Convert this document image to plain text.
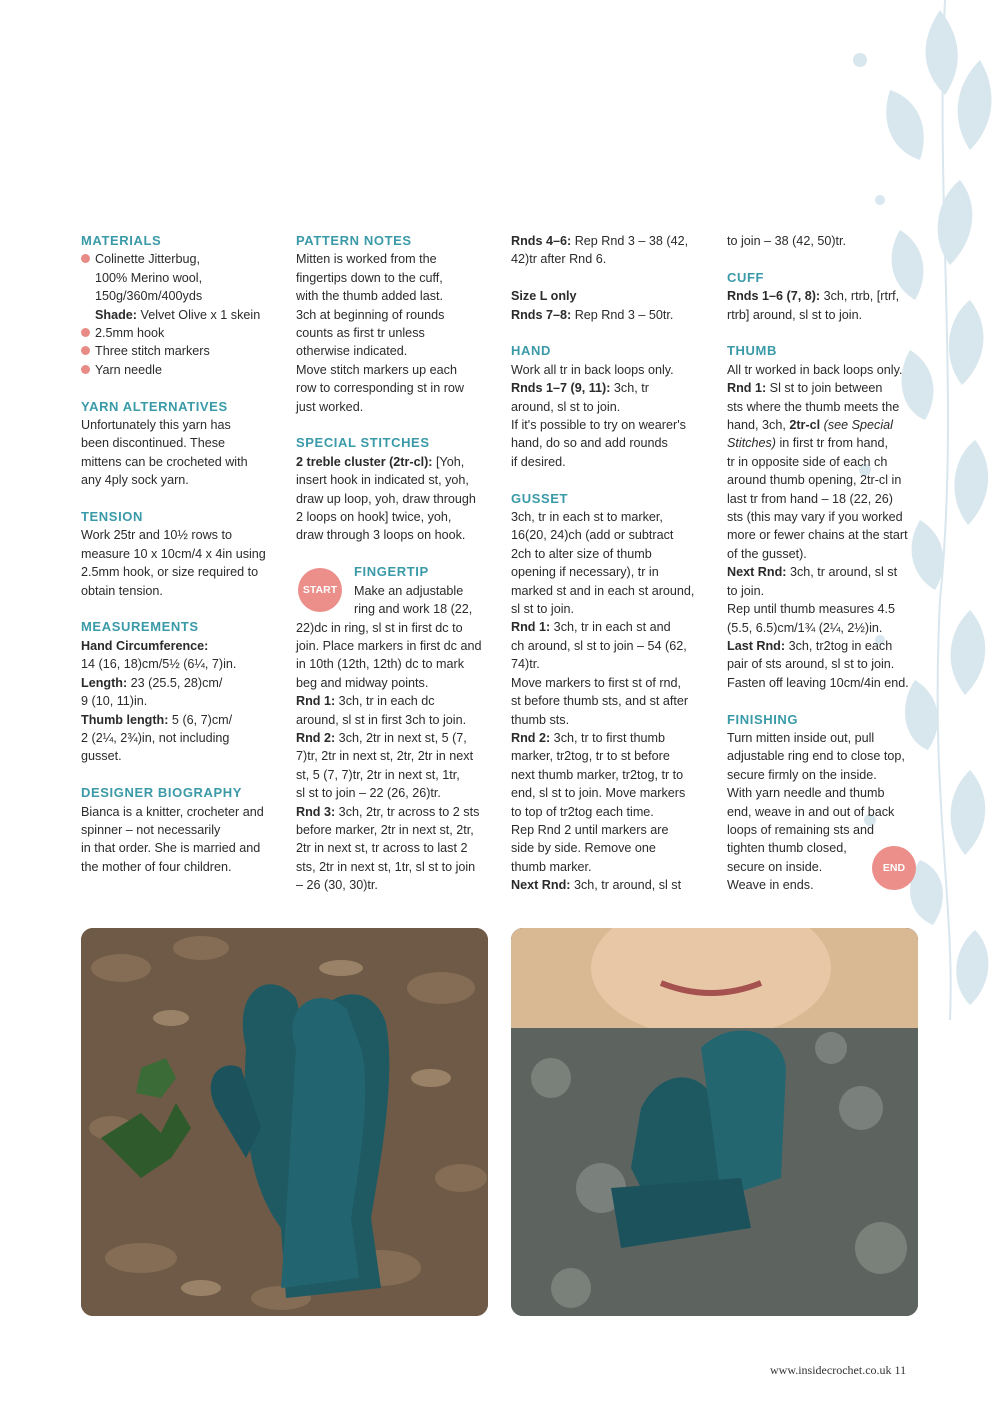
MATERIALS

Colinette Jitterbug,

100% Merino wool,

150g/360m/400yds

Shade: Velvet Olive x 1 skein

2.5mm hook

Three stitch markers

Yarn needle

YARN ALTERNATIVES

Unfortunately this yarn has

been discontinued. These

mittens can be crocheted with

any 4ply sock yarn.

TENSION

Work 25tr and 10½ rows to

measure 10 x 10cm/4 x 4in using

2.5mm hook, or size required to

obtain tension.

MEASUREMENTS

Hand Circumference:

14 (16, 18)cm/5½ (6¼, 7)in.

Length: 23 (25.5, 28)cm/

9 (10, 11)in.

Thumb length: 5 (6, 7)cm/

2 (2¼, 2¾)in, not including

gusset.

DESIGNER BIOGRAPHY

Bianca is a knitter, crocheter and

spinner – not necessarily

in that order. She is married and

the mother of four children.

PATTERN NOTES

Mitten is worked from the

fingertips down to the cuff,

with the thumb added last.

3ch at beginning of rounds

counts as first tr unless

otherwise indicated.

Move stitch markers up each

row to corresponding st in row

just worked.

SPECIAL STITCHES

2 treble cluster (2tr-cl): [Yoh,

insert hook in indicated st, yoh,

draw up loop, yoh, draw through

2 loops on hook] twice, yoh,

draw through 3 loops on hook.

FINGERTIP

Make an adjustable

ring and work 18 (22,

22)dc in ring, sl st in first dc to

join. Place markers in first dc and

in 10th (12th, 12th) dc to mark

beg and midway points.

Rnd 1: 3ch, tr in each dc

around, sl st in first 3ch to join.

Rnd 2: 3ch, 2tr in next st, 5 (7,

7)tr, 2tr in next st, 2tr, 2tr in next

st, 5 (7, 7)tr, 2tr in next st, 1tr,

sl st to join – 22 (26, 26)tr.

Rnd 3: 3ch, 2tr, tr across to 2 sts

before marker, 2tr in next st, 2tr,

2tr in next st, tr across to last 2

sts, 2tr in next st, 1tr, sl st to join

– 26 (30, 30)tr.

START

Rnds 4–6: Rep Rnd 3 – 38 (42,

42)tr after Rnd 6.

Size L only

Rnds 7–8: Rep Rnd 3 – 50tr.

HAND

Work all tr in back loops only.

Rnds 1–7 (9, 11): 3ch, tr

around, sl st to join.

If it's possible to try on wearer's

hand, do so and add rounds

if desired.

GUSSET

3ch, tr in each st to marker,

16(20, 24)ch (add or subtract

2ch to alter size of thumb

opening if necessary), tr in

marked st and in each st around,

sl st to join.

Rnd 1: 3ch, tr in each st and

ch around, sl st to join – 54 (62,

74)tr.

Move markers to first st of rnd,

st before thumb sts, and st after

thumb sts.

Rnd 2: 3ch, tr to first thumb

marker, tr2tog, tr to st before

next thumb marker, tr2tog, tr to

end, sl st to join. Move markers

to top of tr2tog each time.

Rep Rnd 2 until markers are

side by side. Remove one

thumb marker.

Next Rnd: 3ch, tr around, sl st

to join – 38 (42, 50)tr.

CUFF

Rnds 1–6 (7, 8): 3ch, rtrb, [rtrf,

rtrb] around, sl st to join.

THUMB

All tr worked in back loops only.

Rnd 1: Sl st to join between

sts where the thumb meets the

hand, 3ch, 2tr-cl (see Special

Stitches) in first tr from hand,

tr in opposite side of each ch

around thumb opening, 2tr-cl in

last tr from hand – 18 (22, 26)

sts (this may vary if you worked

more or fewer chains at the start

of the gusset).

Next Rnd: 3ch, tr around, sl st

to join.

Rep until thumb measures 4.5

(5.5, 6.5)cm/1¾ (2¼, 2½)in.

Last Rnd: 3ch, tr2tog in each

pair of sts around, sl st to join.

Fasten off leaving 10cm/4in end.

FINISHING

Turn mitten inside out, pull

adjustable ring end to close top,

secure firmly on the inside.

With yarn needle and thumb

end, weave in and out of back

loops of remaining sts and

tighten thumb closed,

secure on inside.

Weave in ends.

END
www.insidecrochet.co.uk 11
